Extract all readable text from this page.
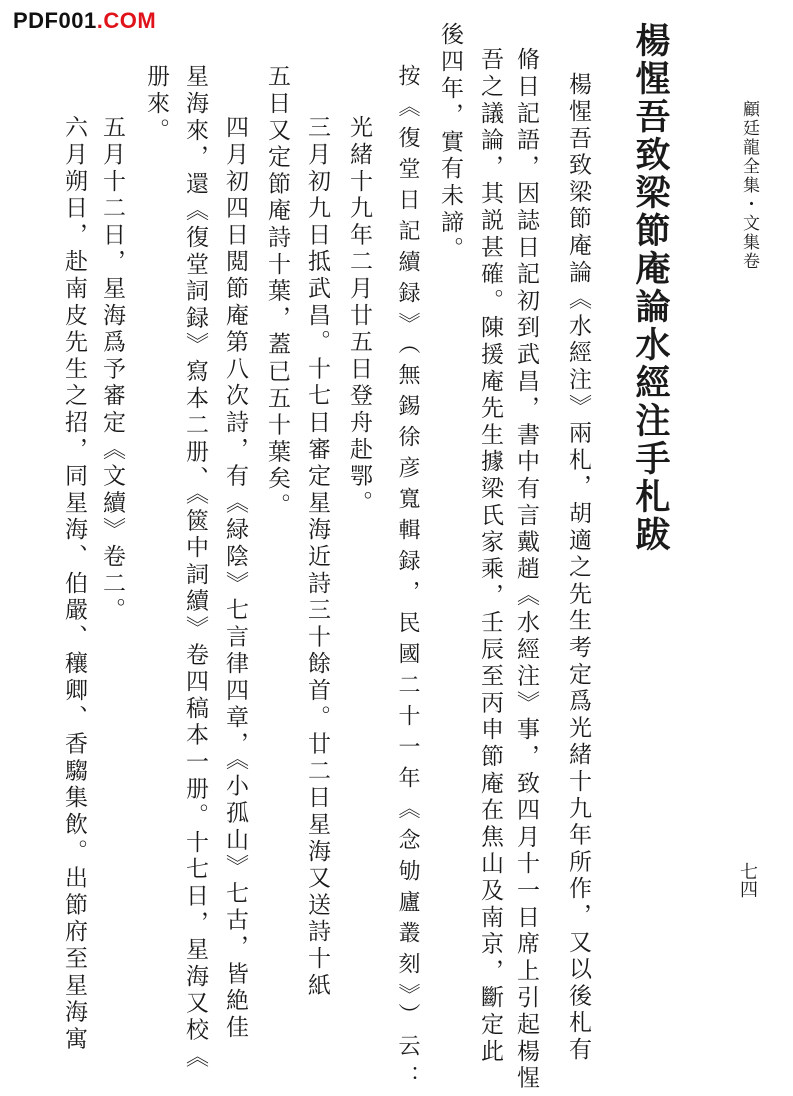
PDF001.COM
顧廷龍全集・文集卷
七四
楊惺吾致梁節庵論水經注手札跋
楊惺吾致梁節庵論《水經注》兩札，胡適之先生考定爲光緒十九年所作，又以後札有
脩日記語，因誌日記初到武昌，書中有言戴趙《水經注》事，致四月十一日席上引起楊惺
吾之議論，其説甚確。陳援庵先生據梁氏家乘，壬辰至丙申節庵在焦山及南京，斷定此
後四年，實有未諦。
按《復堂日記續録》（無錫徐彦寬輯録，民國二十一年《念劬廬叢刻》）云：
光緒十九年二月廿五日登舟赴鄂。
三月初九日抵武昌。十七日審定星海近詩三十餘首。廿二日星海又送詩十紙
五日又定節庵詩十葉，蓋已五十葉矣。
四月初四日閲節庵第八次詩，有《緑陰》七言律四章，《小孤山》七古，皆絶佳
星海來，還《復堂詞録》寫本二册、《篋中詞續》卷四稿本一册。十七日，星海又校《
册來。
五月十二日，星海爲予審定《文續》卷二。
六月朔日，赴南皮先生之招，同星海、伯嚴、穰卿、香騶集飲。出節府至星海寓
